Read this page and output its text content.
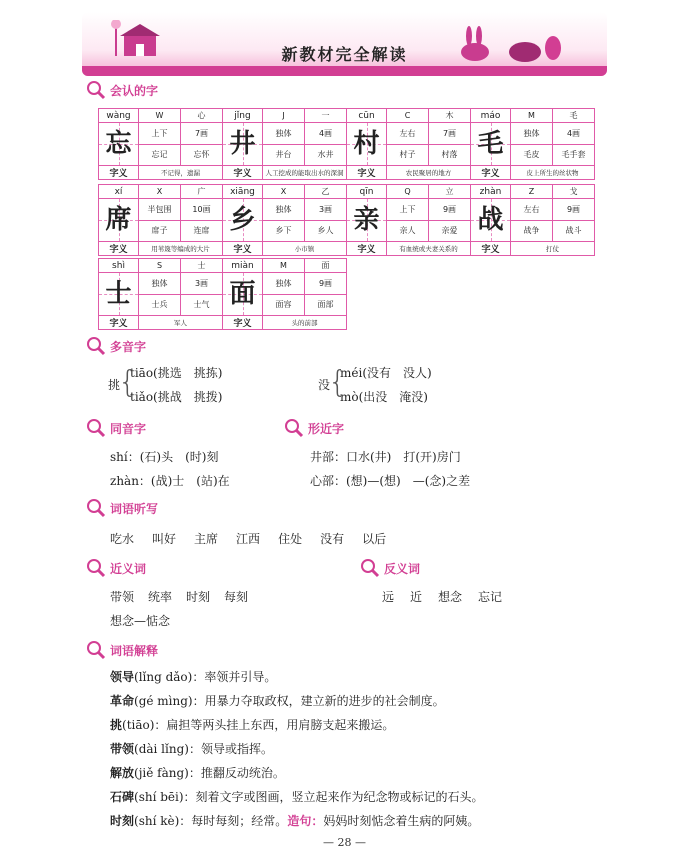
新教材完全解读
会认的字
wàng	W	心	jǐng	J	一	cūn	C	木	máo	M	毛

忘	上下	7画	井	独体	4画	村	左右	7画	毛	独体	4画
	忘记	忘怀		井台	水井		村子	村落		毛皮	毛手套
字义	不记得，遗漏		字义	人工挖成的能取出水的深洞		字义	农民聚居的地方		字义	皮上所生的丝状物	
xí	X	广	xiāng	X	乙	qīn	Q	立	zhàn	Z	戈

席	半包围	10画	乡	独体	3画	亲	上下	9画	战	左右	9画
	席子	连席		乡下	乡人		亲人	亲爱		战争	战斗
字义	用苇篾等编成的大片		字义	小市镇		字义	有血统或夫妻关系的		字义	打仗	
shì	S	士	miàn	M	面

士	独体	3画	面	独体	9画
	士兵	士气		面容	面部
字义	军人		字义	头的前部	
多音字
挑
{
tiāo(挑选　挑拣)
tiǎo(挑战　挑拨)
没
{
méi(没有　没人)
mò(出没　淹没)
同音字	形近字
shí：(石)头　(时)刻
zhàn：(战)士　(站)在
井部：口水(井)　打(开)房门
心部：(想)—(想)　—(念)之差
词语听写
吃水 叫好 主席 江西 住处 没有 以后
近义词	反义词
带领 统率 时刻 每刻
想念—惦念
远 近 想念 忘记
词语解释
领导(lǐng dǎo)：率领并引导。
革命(gé mìng)：用暴力夺取政权，建立新的进步的社会制度。
挑(tiāo)：扁担等两头挂上东西，用肩膀支起来搬运。
带领(dài lǐng)：领导或指挥。
解放(jiě fàng)：推翻反动统治。
石碑(shí bēi)：刻着文字或图画，竖立起来作为纪念物或标记的石头。
时刻(shí kè)：每时每刻；经常。造句：妈妈时刻惦念着生病的阿姨。
— 28 —
